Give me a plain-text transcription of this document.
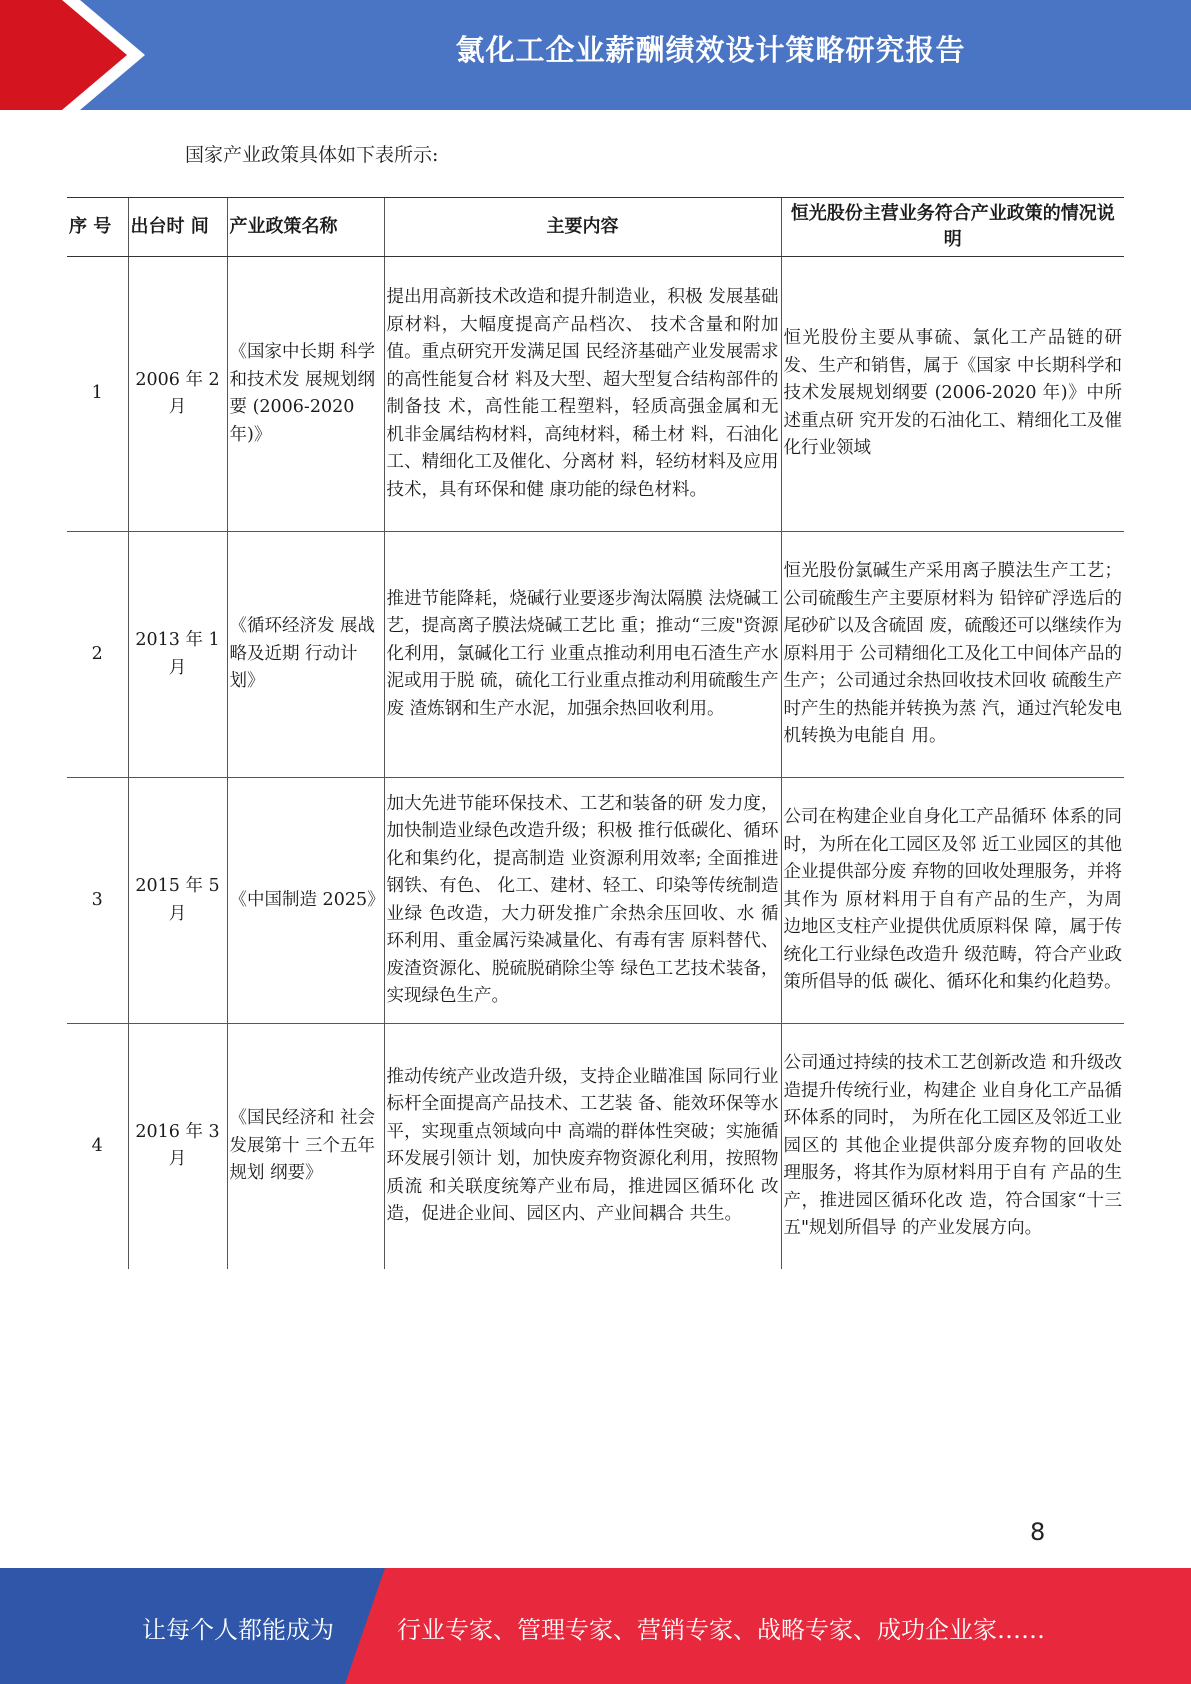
氯化工企业薪酬绩效设计策略研究报告
国家产业政策具体如下表所示:
序 号	出台时 间	产业政策名称	主要内容	恒光股份主营业务符合产业政策的情况说明
1	2006 年 2月	《国家中长期 科学和技术发 展规划纲要 (2006-2020 年)》	提出用高新技术改造和提升制造业，积极 发展基础原材料，大幅度提高产品档次、 技术含量和附加值。重点研究开发满足国 民经济基础产业发展需求的高性能复合材 料及大型、超大型复合结构部件的制备技 术，高性能工程塑料，轻质高强金属和无 机非金属结构材料，高纯材料，稀土材 料，石油化工、精细化工及催化、分离材 料，轻纺材料及应用技术，具有环保和健 康功能的绿色材料。	恒光股份主要从事硫、氯化工产品链的研发、生产和销售，属于《国家 中长期科学和技术发展规划纲要 (2006-2020 年)》中所述重点研 究开发的石油化工、精细化工及催 化行业领域
2	2013 年 1月	《循环经济发 展战略及近期 行动计划》	推进节能降耗，烧碱行业要逐步淘汰隔膜 法烧碱工艺，提高离子膜法烧碱工艺比 重；推动“三废"资源化利用，氯碱化工行 业重点推动利用电石渣生产水泥或用于脱 硫，硫化工行业重点推动利用硫酸生产废 渣炼钢和生产水泥，加强余热回收利用。	恒光股份氯碱生产采用离子膜法生产工艺；公司硫酸生产主要原材料为 铅锌矿浮选后的尾砂矿以及含硫固 废，硫酸还可以继续作为原料用于 公司精细化工及化工中间体产品的 生产；公司通过余热回收技术回收 硫酸生产时产生的热能并转换为蒸 汽，通过汽轮发电机转换为电能自 用。
3	2015 年 5月	《中国制造 2025》	加大先进节能环保技术、工艺和装备的研 发力度，加快制造业绿色改造升级；积极 推行低碳化、循环化和集约化，提高制造 业资源利用效率; 全面推进钢铁、有色、 化工、建材、轻工、印染等传统制造业绿 色改造，大力研发推广余热余压回收、水 循环利用、重金属污染减量化、有毒有害 原料替代、废渣资源化、脱硫脱硝除尘等 绿色工艺技术装备，实现绿色生产。	公司在构建企业自身化工产品循环 体系的同时，为所在化工园区及邻 近工业园区的其他企业提供部分废 弃物的回收处理服务，并将其作为 原材料用于自有产品的生产，为周 边地区支柱产业提供优质原料保 障，属于传统化工行业绿色改造升 级范畴，符合产业政策所倡导的低 碳化、循环化和集约化趋势。
4	2016 年 3月	《国民经济和 社会发展第十 三个五年规划 纲要》	推动传统产业改造升级，支持企业瞄准国 际同行业标杆全面提高产品技术、工艺装 备、能效环保等水平，实现重点领域向中 高端的群体性突破；实施循环发展引领计 划，加快废弃物资源化利用，按照物质流 和关联度统筹产业布局，推进园区循环化 改造，促进企业间、园区内、产业间耦合 共生。	公司通过持续的技术工艺创新改造 和升级改造提升传统行业，构建企 业自身化工产品循环体系的同时， 为所在化工园区及邻近工业园区的 其他企业提供部分废弃物的回收处 理服务，将其作为原材料用于自有 产品的生产，推进园区循环化改 造，符合国家“十三五"规划所倡导 的产业发展方向。
8
让每个人都能成为	行业专家、管理专家、营销专家、战略专家、成功企业家……
